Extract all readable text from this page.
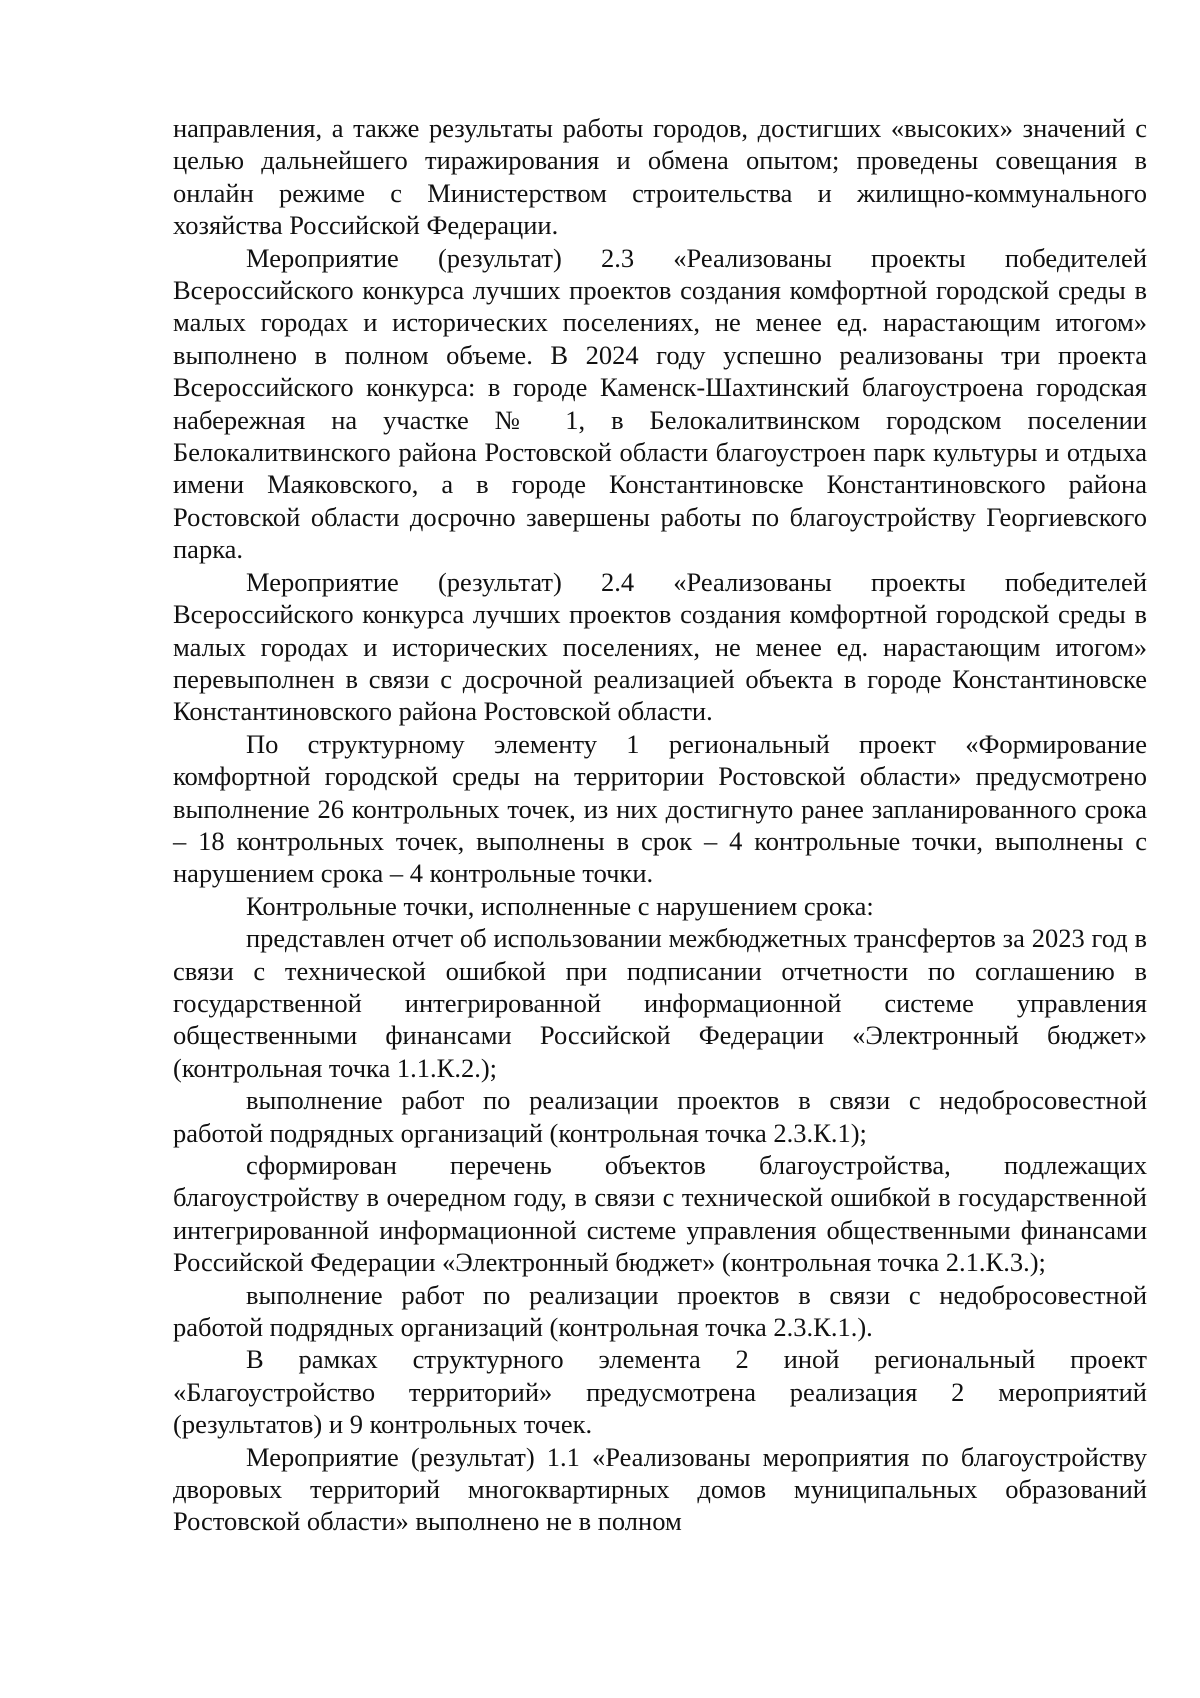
направления, а также результаты работы городов, достигших «высоких» значений с целью дальнейшего тиражирования и обмена опытом; проведены совещания в онлайн режиме с Министерством строительства и жилищно-коммунального хозяйства Российской Федерации.

Мероприятие (результат) 2.3 «Реализованы проекты победителей Всероссийского конкурса лучших проектов создания комфортной городской среды в малых городах и исторических поселениях, не менее ед. нарастающим итогом» выполнено в полном объеме. В 2024 году успешно реализованы три проекта Всероссийского конкурса: в городе Каменск-Шахтинский благоустроена городская набережная на участке № 1, в Белокалитвинском городском поселении Белокалитвинского района Ростовской области благоустроен парк культуры и отдыха имени Маяковского, а в городе Константиновске Константиновского района Ростовской области досрочно завершены работы по благоустройству Георгиевского парка.

Мероприятие (результат) 2.4 «Реализованы проекты победителей Всероссийского конкурса лучших проектов создания комфортной городской среды в малых городах и исторических поселениях, не менее ед. нарастающим итогом» перевыполнен в связи с досрочной реализацией объекта в городе Константиновске Константиновского района Ростовской области.

По структурному элементу 1 региональный проект «Формирование комфортной городской среды на территории Ростовской области» предусмотрено выполнение 26 контрольных точек, из них достигнуто ранее запланированного срока – 18 контрольных точек, выполнены в срок – 4 контрольные точки, выполнены с нарушением срока – 4 контрольные точки.

Контрольные точки, исполненные с нарушением срока:

представлен отчет об использовании межбюджетных трансфертов за 2023 год в связи с технической ошибкой при подписании отчетности по соглашению в государственной интегрированной информационной системе управления общественными финансами Российской Федерации «Электронный бюджет» (контрольная точка 1.1.К.2.);

выполнение работ по реализации проектов в связи с недобросовестной работой подрядных организаций (контрольная точка 2.3.К.1);

сформирован перечень объектов благоустройства, подлежащих благоустройству в очередном году, в связи с технической ошибкой в государственной интегрированной информационной системе управления общественными финансами Российской Федерации «Электронный бюджет» (контрольная точка 2.1.К.3.);

выполнение работ по реализации проектов в связи с недобросовестной работой подрядных организаций (контрольная точка 2.3.К.1.).

В рамках структурного элемента 2 иной региональный проект «Благоустройство территорий» предусмотрена реализация 2 мероприятий (результатов) и 9 контрольных точек.

Мероприятие (результат) 1.1 «Реализованы мероприятия по благоустройству дворовых территорий многоквартирных домов муниципальных образований Ростовской области» выполнено не в полном
